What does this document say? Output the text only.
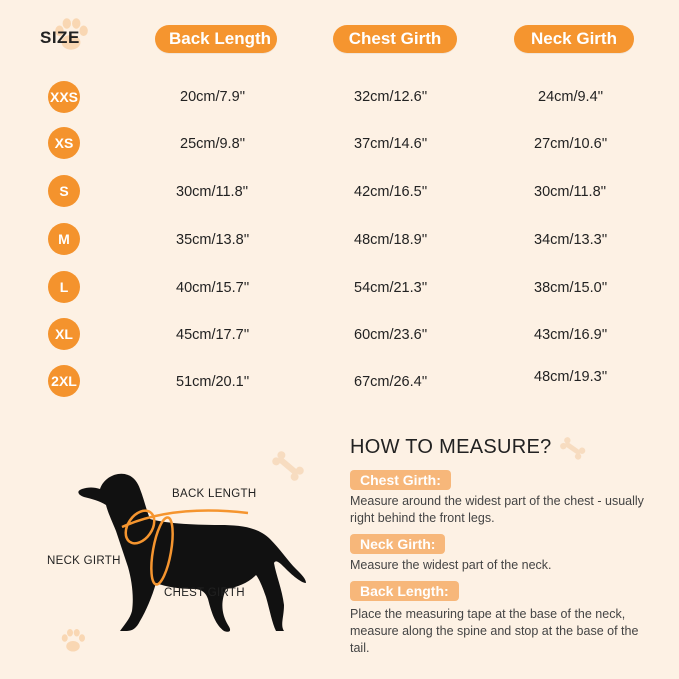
SIZE	Back Length	Chest Girth	Neck Girth
XXS	20cm/7.9''	32cm/12.6''	24cm/9.4''
XS	25cm/9.8''	37cm/14.6''	27cm/10.6''
S	30cm/11.8''	42cm/16.5''	30cm/11.8''
M	35cm/13.8''	48cm/18.9''	34cm/13.3''
L	40cm/15.7''	54cm/21.3''	38cm/15.0''
XL	45cm/17.7''	60cm/23.6''	43cm/16.9''
2XL	51cm/20.1''	67cm/26.4''	48cm/19.3''
BACK LENGTH
NECK GIRTH
CHEST GIRTH
HOW TO MEASURE?
Chest Girth:
Measure around the widest part of the chest - usually right behind the front legs.
Neck Girth:
Measure the widest part of the neck.
Back Length:
Place the measuring tape at the base of the neck, measure along the spine and stop at the base of the tail.
